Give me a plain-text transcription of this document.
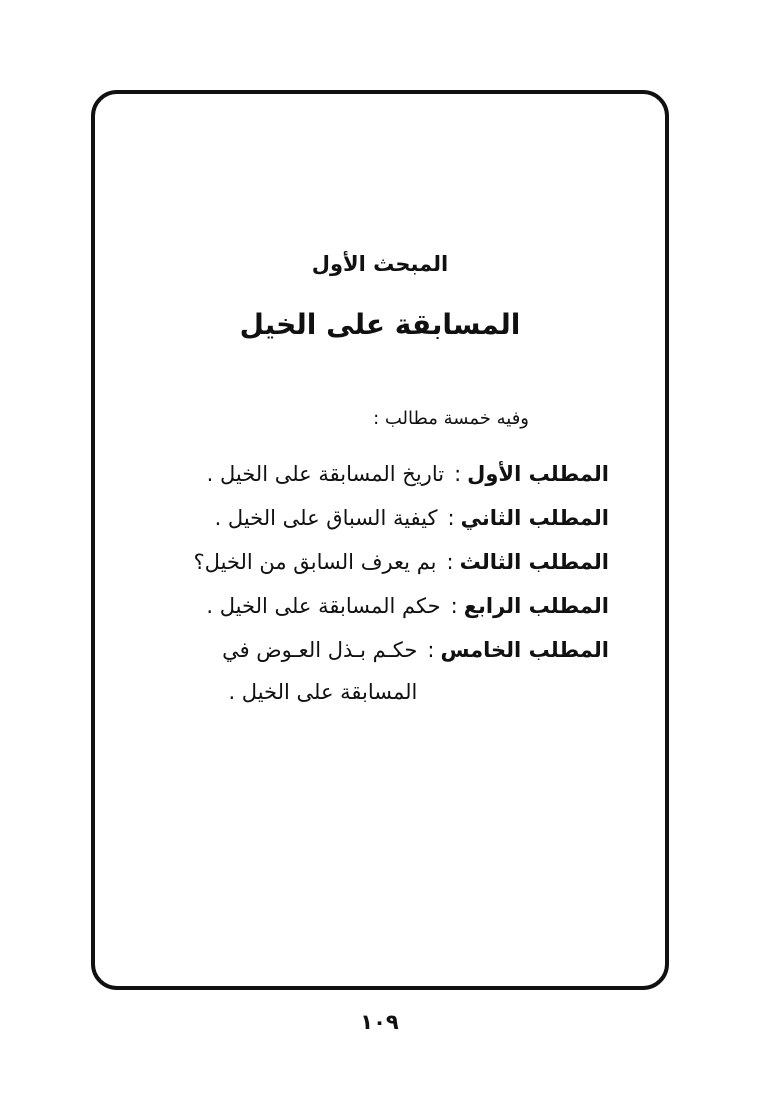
المبحث الأول
المسابقة على الخيل
وفيه خمسة مطالب :
المطلب الأول
:
تاريخ المسابقة على الخيل .
المطلب الثاني
:
كيفية السباق على الخيل .
المطلب الثالث
:
بم يعرف السابق من الخيل؟
المطلب الرابع
:
حكم المسابقة على الخيل .
المطلب الخامس
:
حكـم بـذل العـوض في المسابقة على الخيل .
١٠٩
